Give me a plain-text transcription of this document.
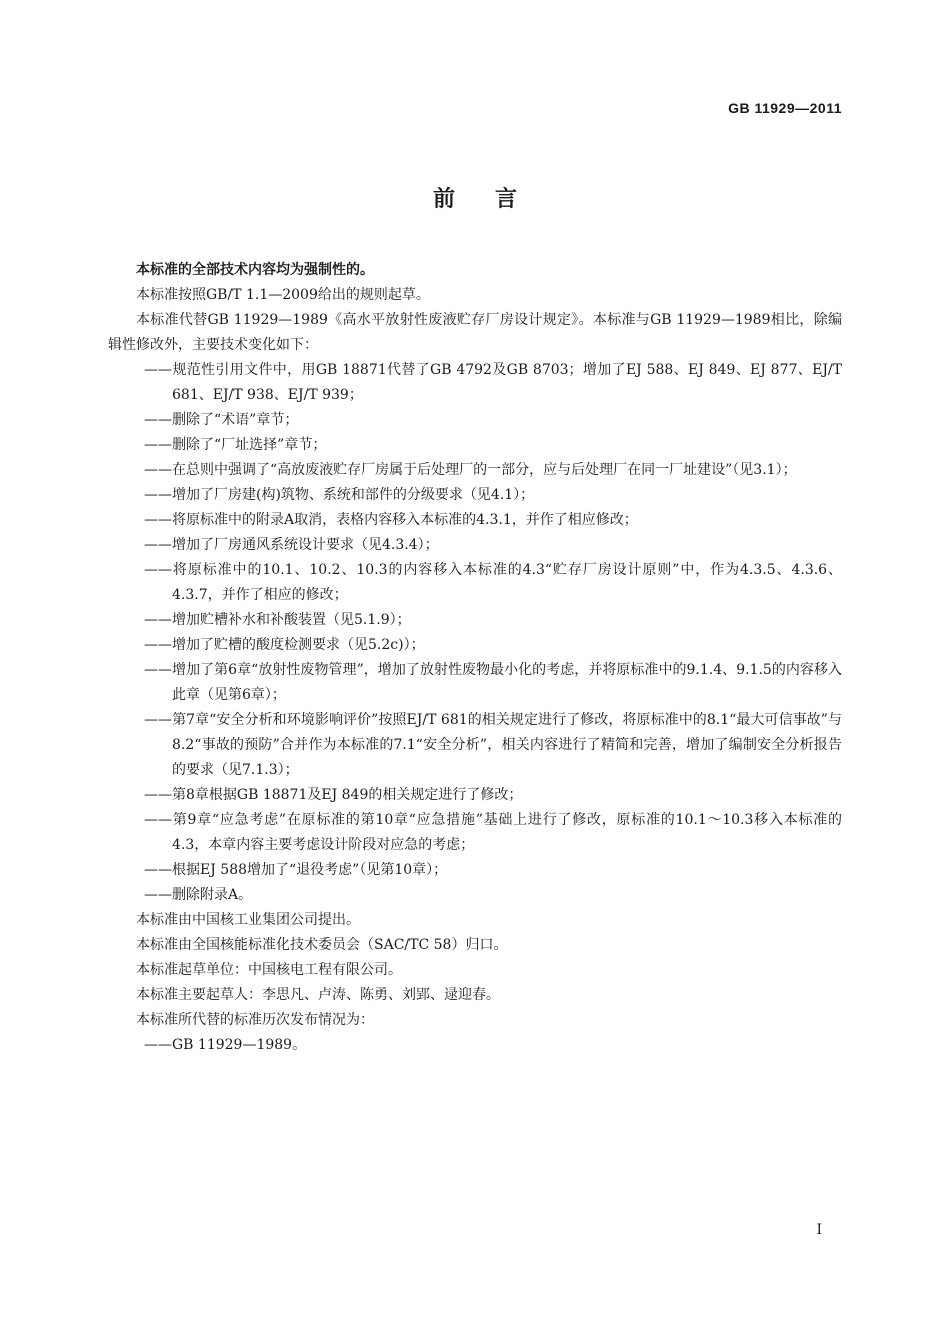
GB 11929—2011
前言

本标准的全部技术内容均为强制性的。

本标准按照GB/T 1.1—2009给出的规则起草。

本标准代替GB 11929—1989《高水平放射性废液贮存厂房设计规定》。本标准与GB 11929—1989相比，除编辑性修改外，主要技术变化如下：

——规范性引用文件中，用GB 18871代替了GB 4792及GB 8703；增加了EJ 588、EJ 849、EJ 877、EJ/T 681、EJ/T 938、EJ/T 939；

——删除了“术语”章节；

——删除了“厂址选择”章节；

——在总则中强调了“高放废液贮存厂房属于后处理厂的一部分，应与后处理厂在同一厂址建设”（见3.1）；

——增加了厂房建(构)筑物、系统和部件的分级要求（见4.1）；

——将原标准中的附录A取消，表格内容移入本标准的4.3.1，并作了相应修改；

——增加了厂房通风系统设计要求（见4.3.4）；

——将原标准中的10.1、10.2、10.3的内容移入本标准的4.3“贮存厂房设计原则”中，作为4.3.5、4.3.6、4.3.7，并作了相应的修改；

——增加贮槽补水和补酸装置（见5.1.9）；

——增加了贮槽的酸度检测要求（见5.2c)）；

——增加了第6章“放射性废物管理”，增加了放射性废物最小化的考虑，并将原标准中的9.1.4、9.1.5的内容移入此章（见第6章）；

——第7章“安全分析和环境影响评价”按照EJ/T 681的相关规定进行了修改，将原标准中的8.1“最大可信事故”与8.2“事故的预防”合并作为本标准的7.1“安全分析”，相关内容进行了精简和完善，增加了编制安全分析报告的要求（见7.1.3）；

——第8章根据GB 18871及EJ 849的相关规定进行了修改；

——第9章“应急考虑”在原标准的第10章“应急措施”基础上进行了修改，原标准的10.1～10.3移入本标准的4.3，本章内容主要考虑设计阶段对应急的考虑；

——根据EJ 588增加了“退役考虑”（见第10章）；

——删除附录A。

本标准由中国核工业集团公司提出。

本标准由全国核能标准化技术委员会（SAC/TC 58）归口。

本标准起草单位：中国核电工程有限公司。

本标准主要起草人：李思凡、卢涛、陈勇、刘郢、逯迎春。

本标准所代替的标准历次发布情况为：

——GB 11929—1989。

I
